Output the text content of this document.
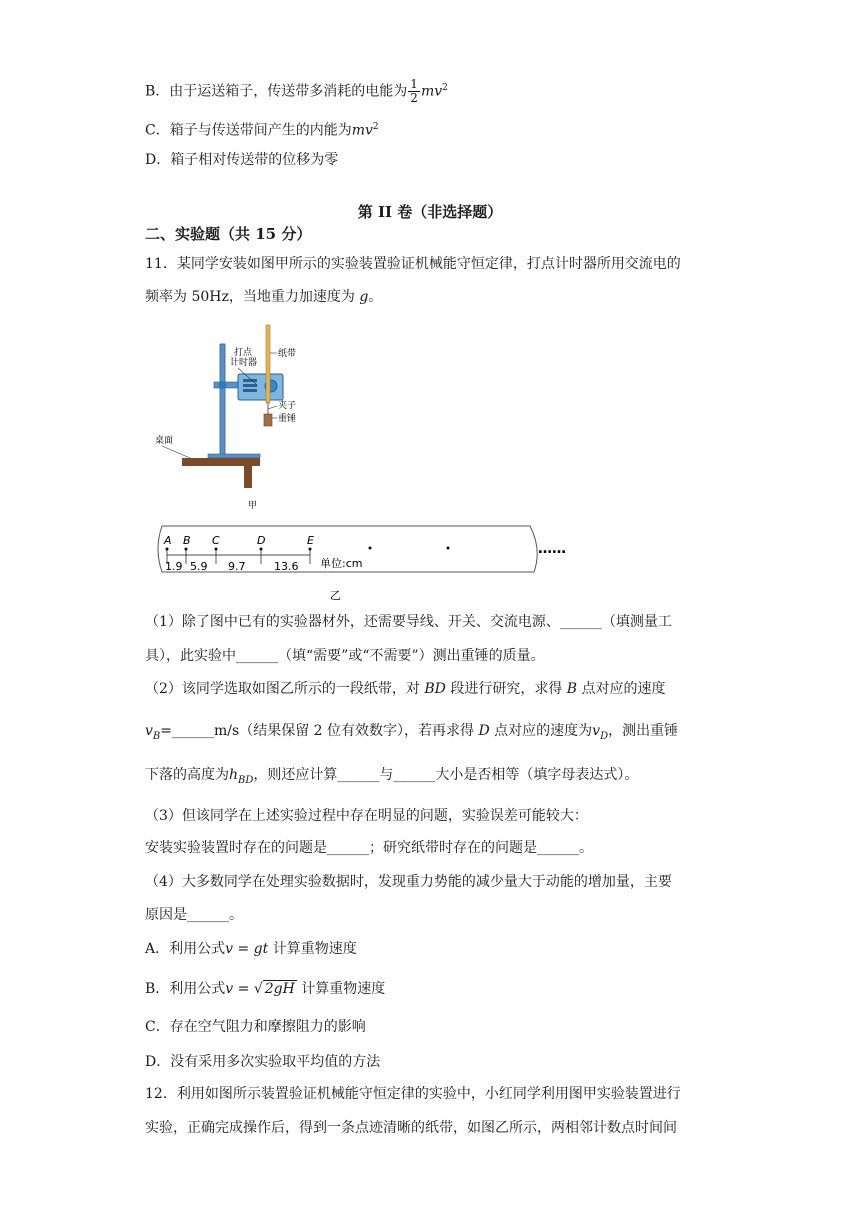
B．由于运送箱子，传送带多消耗的电能为 $\frac{1}{2} mv^2$
C．箱子与传送带间产生的内能为$mv^2$
D．箱子相对传送带的位移为零
第 II 卷（非选择题）
二、实验题（共 15 分）
11．某同学安装如图甲所示的实验装置验证机械能守恒定律，打点计时器所用交流电的
频率为 50Hz，当地重力加速度为 g。
打点
计时器
纸带
夹子
重锤
桌面
甲
A B C	D	E
1.9 5.9 9.7	13.6 单位:cm
……
乙
（1）除了图中已有的实验器材外，还需要导线、开关、交流电源、______（填测量工
具），此实验中______（填“需要”或“不需要”）测出重锤的质量。
（2）该同学选取如图乙所示的一段纸带，对 BD 段进行研究，求得 B 点对应的速度
$v_B=\_\_\_\_\_\_m/s$（结果保留 2 位有效数字），若再求得 D 点对应的速度为$v_D$，测出重锤
下落的高度为$h_{BD}$，则还应计算______与______大小是否相等（填字母表达式）。
（3）但该同学在上述实验过程中存在明显的问题，实验误差可能较大：
安装实验装置时存在的问题是______；研究纸带时存在的问题是______。
（4）大多数同学在处理实验数据时，发现重力势能的减少量大于动能的增加量，主要
原因是______。
A．利用公式v = gt 计算重物速度
B．利用公式v = √ 2gH 计算重物速度
C．存在空气阻力和摩擦阻力的影响
D．没有采用多次实验取平均值的方法
12．利用如图所示装置验证机械能守恒定律的实验中，小红同学利用图甲实验装置进行
实验，正确完成操作后，得到一条点迹清晰的纸带，如图乙所示，两相邻计数点时间间
